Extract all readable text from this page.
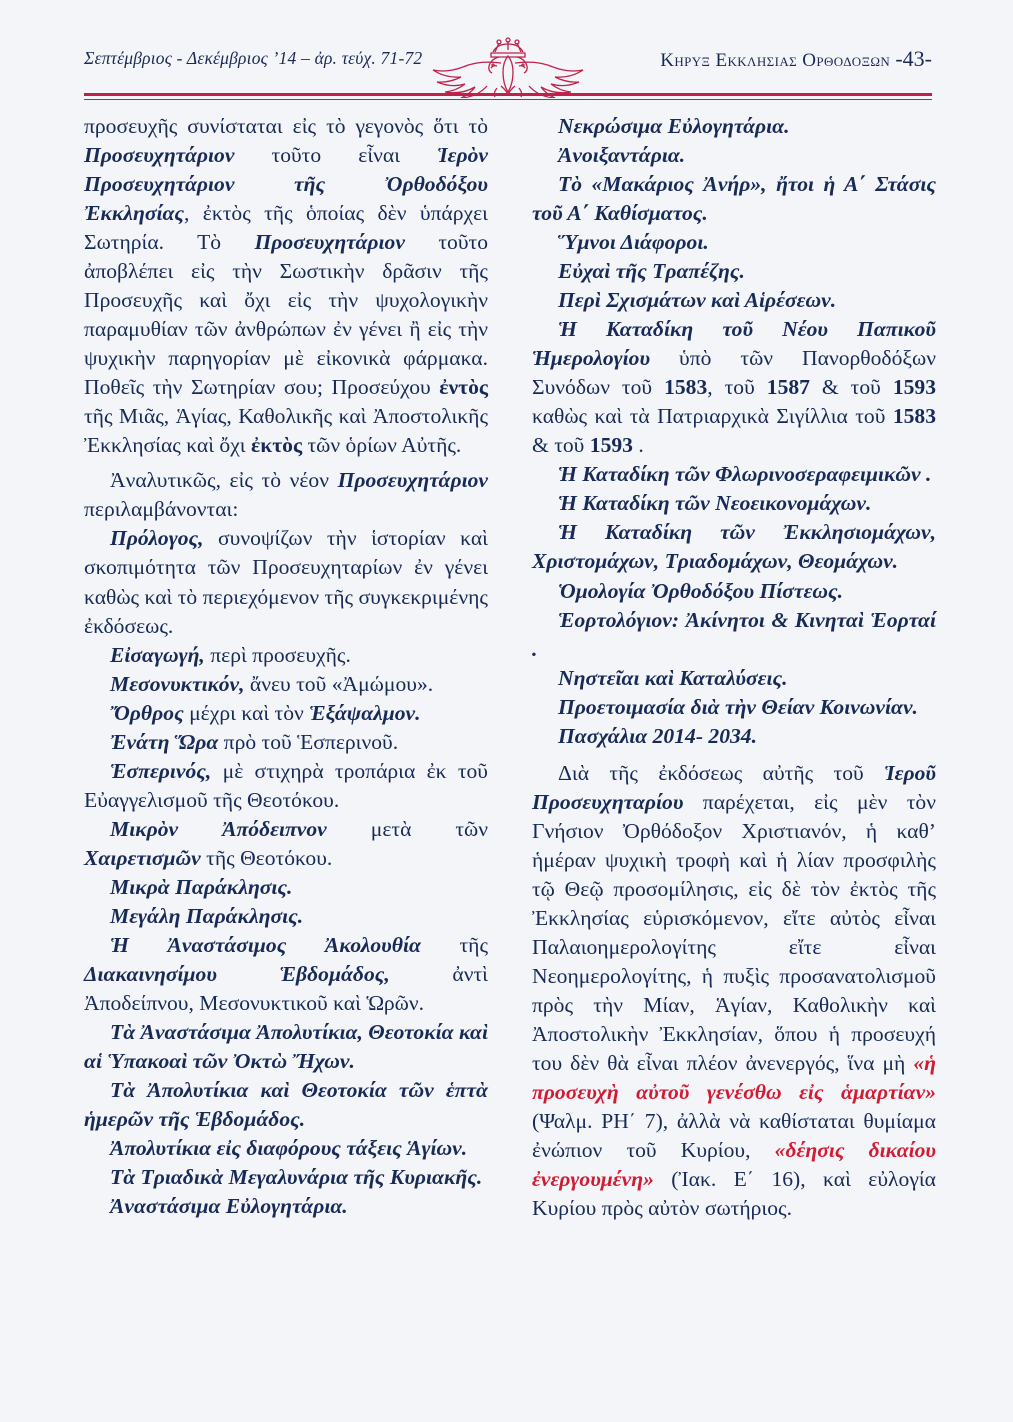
Σεπτέμβριος - Δεκέμβριος ’14 – ἀρ. τεύχ. 71-72	Κηρυξ Εκκλησιας Ορθοδοξων -43-

προσευχῆς συνίσταται εἰς τὸ γεγονὸς ὅτι τὸ Προσευχητάριον τοῦτο εἶναι Ἱερὸν Προσευχητάριον τῆς Ὀρθοδόξου Ἐκκλησίας, ἐκτὸς τῆς ὁποίας δὲν ὑπάρχει Σωτηρία. Τὸ Προσευχητάριον τοῦτο ἀποβλέπει εἰς τὴν Σωστικὴν δρᾶσιν τῆς Προσευχῆς καὶ ὄχι εἰς τὴν ψυχολογικὴν παραμυθίαν τῶν ἀνθρώπων ἐν γένει ἢ εἰς τὴν ψυχικὴν παρηγορίαν μὲ εἰκονικὰ φάρμακα. Ποθεῖς τὴν Σωτηρίαν σου; Προσεύχου ἐντὸς τῆς Μιᾶς, Ἁγίας, Καθολικῆς καὶ Ἀποστολικῆς Ἐκκλησίας καὶ ὄχι ἐκτὸς τῶν ὁρίων Αὐτῆς.

Ἀναλυτικῶς, εἰς τὸ νέον Προσευχητάριον περιλαμβάνονται:

Πρόλογος, συνοψίζων τὴν ἱστορίαν καὶ σκοπιμότητα τῶν Προσευχηταρίων ἐν γένει καθὼς καὶ τὸ περιεχόμενον τῆς συγκεκριμένης ἐκδόσεως.

Εἰσαγωγή, περὶ προσευχῆς.

Μεσονυκτικόν, ἄνευ τοῦ «Ἀμώμου».

Ὄρθρος μέχρι καὶ τὸν Ἑξάψαλμον.

Ἐνάτη Ὥρα πρὸ τοῦ Ἑσπερινοῦ.

Ἑσπερινός, μὲ στιχηρὰ τροπάρια ἐκ τοῦ Εὐαγγελισμοῦ τῆς Θεοτόκου.

Μικρὸν Ἀπόδειπνον μετὰ τῶν Χαιρετισμῶν τῆς Θεοτόκου.

Μικρὰ Παράκλησις.

Μεγάλη Παράκλησις.

Ἡ Ἀναστάσιμος Ἀκολουθία τῆς Διακαινησίμου Ἑβδομάδος, ἀντὶ Ἀποδείπνου, Μεσονυκτικοῦ καὶ Ὡρῶν.

Τὰ Ἀναστάσιμα Ἀπολυτίκια, Θεοτοκία καὶ αἱ Ὑπακοαὶ τῶν Ὀκτὼ Ἤχων.

Τὰ Ἀπολυτίκια καὶ Θεοτοκία τῶν ἑπτὰ ἡμερῶν τῆς Ἑβδομάδος.

Ἀπολυτίκια εἰς διαφόρους τάξεις Ἁγίων.

Τὰ Τριαδικὰ Μεγαλυνάρια τῆς Κυριακῆς.

Ἀναστάσιμα Εὐλογητάρια.

Νεκρώσιμα Εὐλογητάρια.

Ἀνοιξαντάρια.

Τὸ «Μακάριος Ἀνήρ», ἤτοι ἡ Α΄ Στάσις τοῦ Α΄ Καθίσματος.

Ὕμνοι Διάφοροι.

Εὐχαὶ τῆς Τραπέζης.

Περὶ Σχισμάτων καὶ Αἱρέσεων.

Ἡ Καταδίκη τοῦ Νέου Παπικοῦ Ἡμερολογίου ὑπὸ τῶν Πανορθοδόξων Συνόδων τοῦ 1583, τοῦ 1587 & τοῦ 1593 καθὼς καὶ τὰ Πατριαρχικὰ Σιγίλλια τοῦ 1583 & τοῦ 1593 .

Ἡ Καταδίκη τῶν Φλωρινοσεραφειμικῶν .

Ἡ Καταδίκη τῶν Νεοεικονομάχων.

Ἡ Καταδίκη τῶν Ἐκκλησιομάχων, Χριστομάχων, Τριαδομάχων, Θεομάχων.

Ὁμολογία Ὀρθοδόξου Πίστεως.

Ἑορτολόγιον: Ἀκίνητοι & Κινηταὶ Ἑορταί .

Νηστεῖαι καὶ Καταλύσεις.

Προετοιμασία διὰ τὴν Θείαν Κοινωνίαν.

Πασχάλια 2014- 2034.

Διὰ τῆς ἐκδόσεως αὐτῆς τοῦ Ἱεροῦ Προσευχηταρίου παρέχεται, εἰς μὲν τὸν Γνήσιον Ὀρθόδοξον Χριστιανόν, ἡ καθ’ ἡμέραν ψυχικὴ τροφὴ καὶ ἡ λίαν προσφιλὴς τῷ Θεῷ προσομίλησις, εἰς δὲ τὸν ἐκτὸς τῆς Ἐκκλησίας εὑρισκόμενον, εἴτε αὐτὸς εἶναι Παλαιοημερολογίτης εἴτε εἶναι Νεοημερολογίτης, ἡ πυξὶς προσανατολισμοῦ πρὸς τὴν Μίαν, Ἁγίαν, Καθολικὴν καὶ Ἀποστολικὴν Ἐκκλησίαν, ὅπου ἡ προσευχή του δὲν θὰ εἶναι πλέον ἀνενεργός, ἵνα μὴ «ἡ προσευχὴ αὐτοῦ γενέσθω εἰς ἁμαρτίαν» (Ψαλμ. ΡΗ΄ 7), ἀλλὰ νὰ καθίσταται θυμίαμα ἐνώπιον τοῦ Κυρίου, «δέησις δικαίου ἐνεργουμένη» (Ἰακ. Ε΄ 16), καὶ εὐλογία Κυρίου πρὸς αὐτὸν σωτήριος.
